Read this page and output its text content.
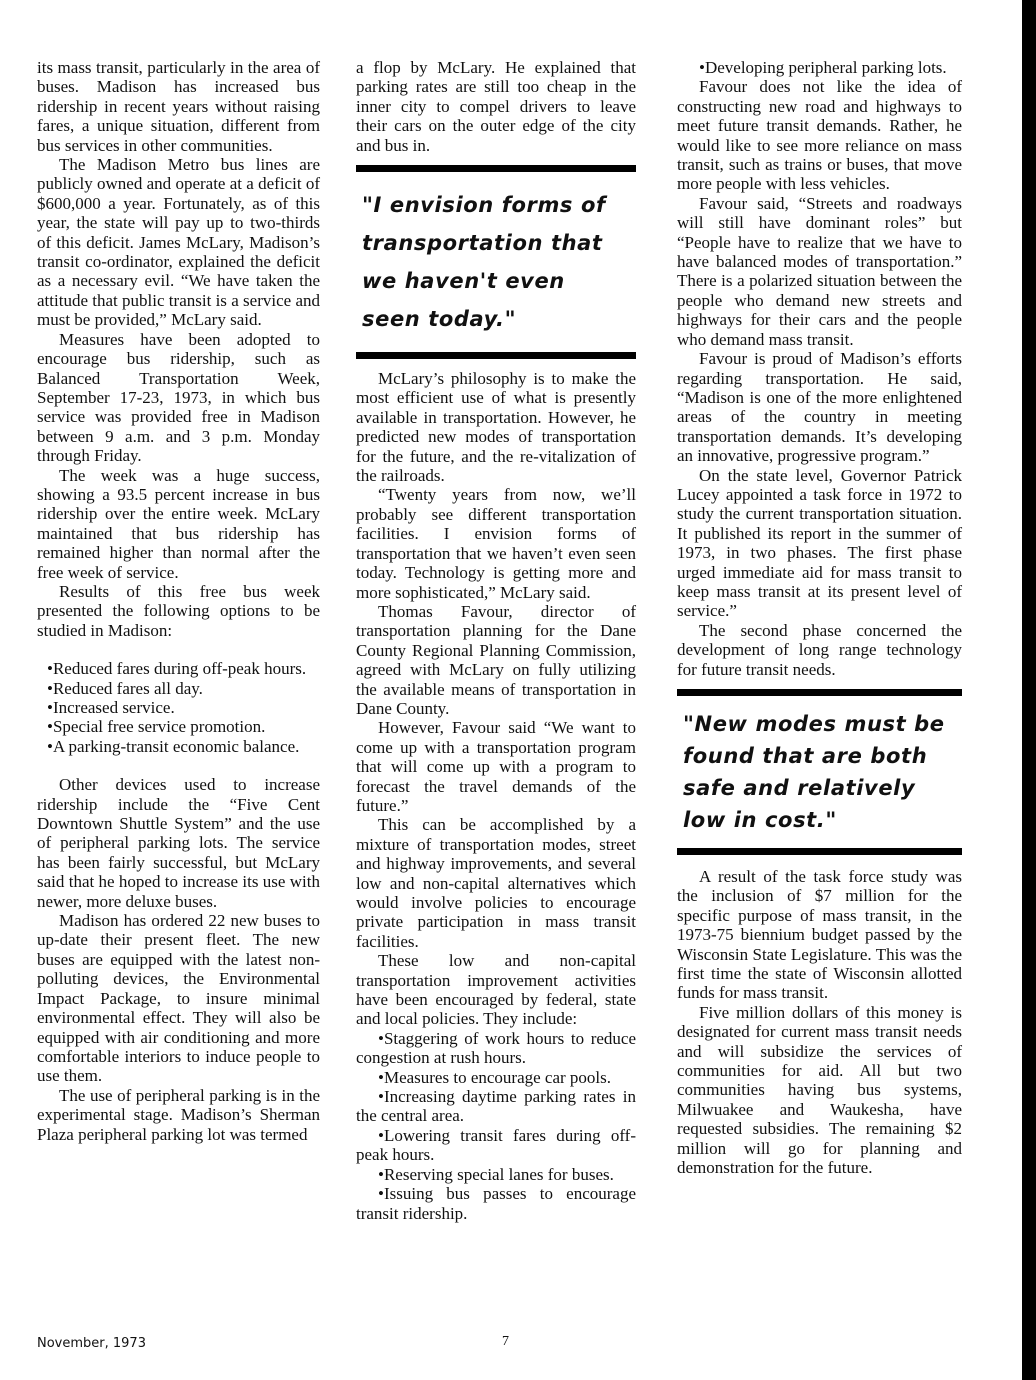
its mass transit, particularly in the area of buses. Madison has increased bus ridership in recent years without raising fares, a unique situation, different from bus services in other communities.

The Madison Metro bus lines are publicly owned and operate at a deficit of $600,000 a year. Fortunately, as of this year, the state will pay up to two-thirds of this deficit. James McLary, Madison’s transit co-ordinator, explained the deficit as a necessary evil. “We have taken the attitude that public transit is a service and must be provided,” McLary said.

Measures have been adopted to encourage bus ridership, such as Balanced Transportation Week, September 17-23, 1973, in which bus service was provided free in Madison between 9 a.m. and 3 p.m. Monday through Friday.

The week was a huge success, showing a 93.5 percent increase in bus ridership over the entire week. McLary maintained that bus ridership has remained higher than normal after the free week of service.

Results of this free bus week presented the following options to be studied in Madison:

•Reduced fares during off-peak hours.

•Reduced fares all day.

•Increased service.

•Special free service promotion.

•A parking-transit economic balance.

Other devices used to increase ridership include the “Five Cent Downtown Shuttle System” and the use of peripheral parking lots. The service has been fairly successful, but McLary said that he hoped to increase its use with newer, more deluxe buses.

Madison has ordered 22 new buses to up-date their present fleet. The new buses are equipped with the latest non-polluting devices, the Environmental Impact Package, to insure minimal environmental effect. They will also be equipped with air conditioning and more comfortable interiors to induce people to use them.

The use of peripheral parking is in the experimental stage. Madison’s Sherman Plaza peripheral parking lot was termed

a flop by McLary. He explained that parking rates are still too cheap in the inner city to compel drivers to leave their cars on the outer edge of the city and bus in.

"I envision forms of transportation that we haven't even seen today."

McLary’s philosophy is to make the most efficient use of what is presently available in transportation. However, he predicted new modes of transportation for the future, and the re-vitalization of the railroads.

“Twenty years from now, we’ll probably see different transportation facilities. I envision forms of transportation that we haven’t even seen today. Technology is getting more and more sophisticated,” McLary said.

Thomas Favour, director of transportation planning for the Dane County Regional Planning Commission, agreed with McLary on fully utilizing the available means of transportation in Dane County.

However, Favour said “We want to come up with a transportation program that will come up with a program to forecast the travel demands of the future.”

This can be accomplished by a mixture of transportation modes, street and highway improvements, and several low and non-capital alternatives which would involve policies to encourage private participation in mass transit facilities.

These low and non-capital transportation improvement activities have been encouraged by federal, state and local policies. They include:

•Staggering of work hours to reduce congestion at rush hours.

•Measures to encourage car pools.

•Increasing daytime parking rates in the central area.

•Lowering transit fares during off-peak hours.

•Reserving special lanes for buses.

•Issuing bus passes to encourage transit ridership.

•Developing peripheral parking lots.

Favour does not like the idea of constructing new road and highways to meet future transit demands. Rather, he would like to see more reliance on mass transit, such as trains or buses, that move more people with less vehicles.

Favour said, “Streets and roadways will still have dominant roles” but “People have to realize that we have to have balanced modes of transportation.” There is a polarized situation between the people who demand new streets and highways for their cars and the people who demand mass transit.

Favour is proud of Madison’s efforts regarding transportation. He said, “Madison is one of the more enlightened areas of the country in meeting transportation demands. It’s developing an innovative, progressive program.”

On the state level, Governor Patrick Lucey appointed a task force in 1972 to study the current transportation situation. It published its report in the summer of 1973, in two phases. The first phase urged immediate aid for mass transit to keep mass transit at its present level of service.”

The second phase concerned the development of long range technology for future transit needs.

"New modes must be found that are both safe and relatively low in cost."

A result of the task force study was the inclusion of $7 million for the specific purpose of mass transit, in the 1973-75 biennium budget passed by the Wisconsin State Legislature. This was the first time the state of Wisconsin allotted funds for mass transit.

Five million dollars of this money is designated for current mass transit needs and will subsidize the services of communities for aid. All but two communities having bus systems, Milwuakee and Waukesha, have requested subsidies. The remaining $2 million will go for planning and demonstration for the future.

November, 1973	7
